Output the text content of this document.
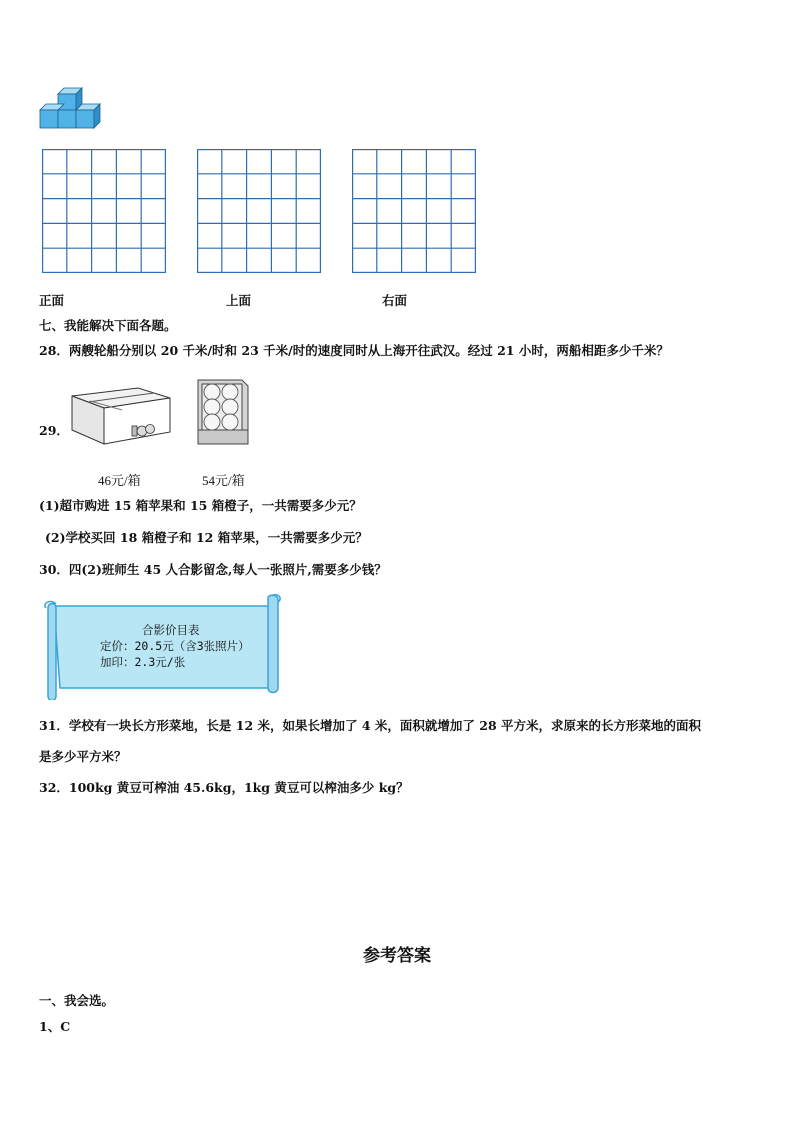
正面	上面	右面
七、我能解决下面各题。
28．两艘轮船分别以 20 千米/时和 23 千米/时的速度同时从上海开往武汉。经过 21 小时，两船相距多少千米？
29．
46元/箱	54元/箱
(1)超市购进 15 箱苹果和 15 箱橙子，一共需要多少元？
(2)学校买回 18 箱橙子和 12 箱苹果，一共需要多少元？
30．四(2)班师生 45 人合影留念,每人一张照片,需要多少钱？
合影价目表
定价：20.5元（含3张照片）
加印：2.3元/张
31．学校有一块长方形菜地，长是 12 米，如果长增加了 4 米，面积就增加了 28 平方米，求原来的长方形菜地的面积
是多少平方米？
32．100kg 黄豆可榨油 45.6kg，1kg 黄豆可以榨油多少 kg？
参考答案
一、我会选。
1、C
